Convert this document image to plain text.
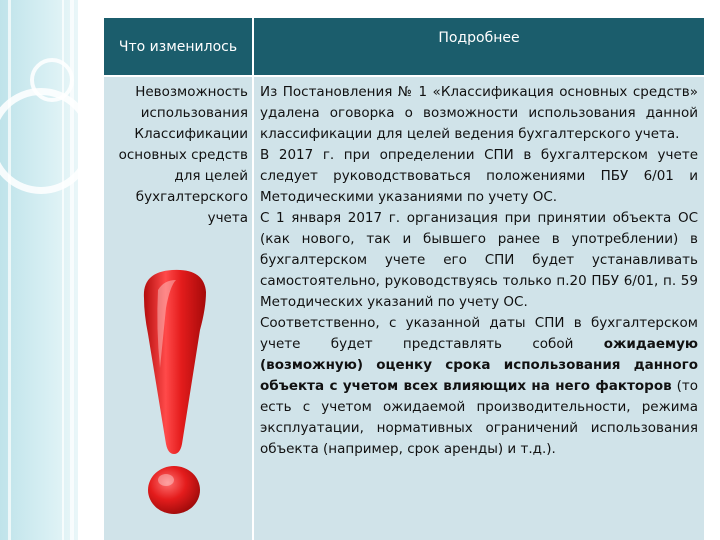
Что изменилось
Подробнее
Невозможность использования Классификации основных средств для целей бухгалтерского учета

Из Постановления № 1 «Классификация основных средств» удалена оговорка о возможности использования данной классификации для целей ведения бухгалтерского учета.

В 2017 г. при определении СПИ в бухгалтерском учете следует руководствоваться положениями ПБУ 6/01 и Методическими указаниями по учету ОС.

С 1 января 2017 г. организация при принятии объекта ОС (как нового, так и бывшего ранее в употреблении) в бухгалтерском учете его СПИ будет устанавливать самостоятельно, руководствуясь только п.20 ПБУ 6/01, п. 59 Методических указаний по учету ОС.

Соответственно, с указанной даты СПИ в бухгалтерском учете будет представлять собой ожидаемую (возможную) оценку срока использования данного объекта с учетом всех влияющих на него факторов (то есть с учетом ожидаемой производительности, режима эксплуатации, нормативных ограничений использования объекта (например, срок аренды) и т.д.).
